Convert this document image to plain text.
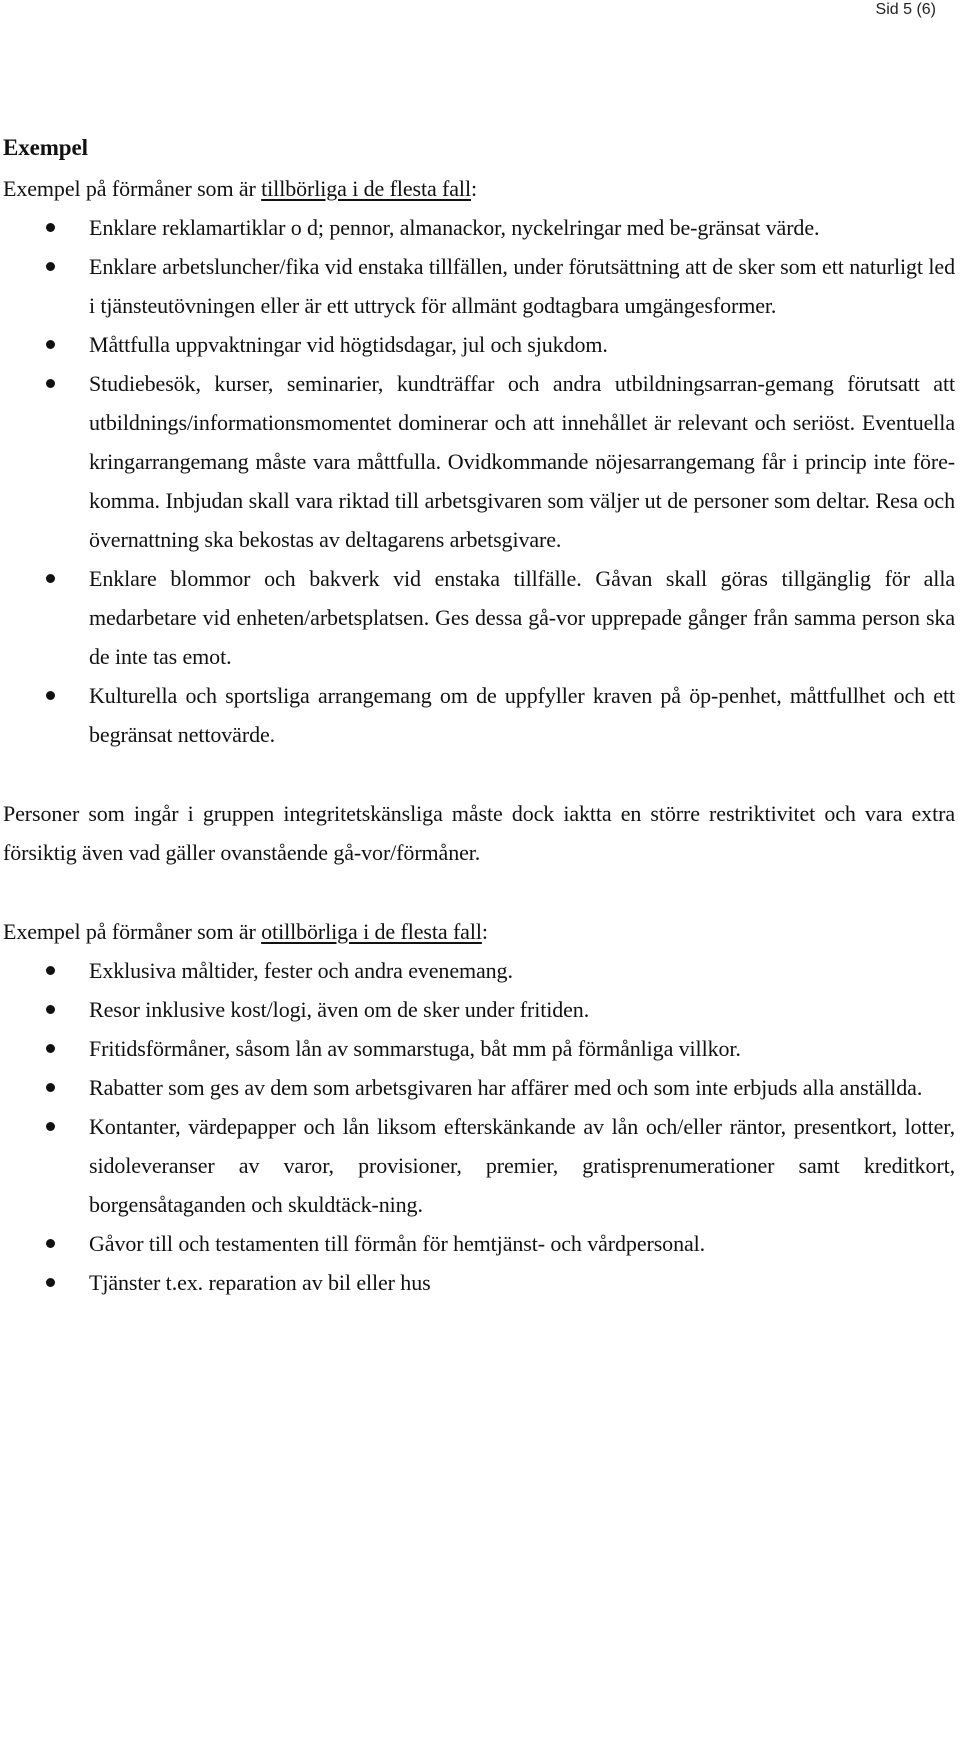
Sid 5 (6)
Exempel

Exempel på förmåner som är tillbörliga i de flesta fall:

Enklare reklamartiklar o d; pennor, almanackor, nyckelringar med be-gränsat värde.
Enklare arbetsluncher/fika vid enstaka tillfällen, under förutsättning att de sker som ett naturligt led i tjänsteutövningen eller är ett uttryck för allmänt godtagbara umgängesformer.
Måttfulla uppvaktningar vid högtidsdagar, jul och sjukdom.
Studiebesök, kurser, seminarier, kundträffar och andra utbildningsarran-gemang förutsatt att utbildnings/informationsmomentet dominerar och att innehållet är relevant och seriöst. Eventuella kringarrangemang måste vara måttfulla. Ovidkommande nöjesarrangemang får i princip inte före-komma. Inbjudan skall vara riktad till arbetsgivaren som väljer ut de personer som deltar. Resa och övernattning ska bekostas av deltagarens arbetsgivare.
Enklare blommor och bakverk vid enstaka tillfälle. Gåvan skall göras tillgänglig för alla medarbetare vid enheten/arbetsplatsen. Ges dessa gå-vor upprepade gånger från samma person ska de inte tas emot.
Kulturella och sportsliga arrangemang om de uppfyller kraven på öp-penhet, måttfullhet och ett begränsat nettovärde.

Personer som ingår i gruppen integritetskänsliga måste dock iaktta en större restriktivitet och vara extra försiktig även vad gäller ovanstående gå-vor/förmåner.

Exempel på förmåner som är otillbörliga i de flesta fall:

Exklusiva måltider, fester och andra evenemang.
Resor inklusive kost/logi, även om de sker under fritiden.
Fritidsförmåner, såsom lån av sommarstuga, båt mm på förmånliga villkor.
Rabatter som ges av dem som arbetsgivaren har affärer med och som inte erbjuds alla anställda.
Kontanter, värdepapper och lån liksom efterskänkande av lån och/eller räntor, presentkort, lotter, sidoleveranser av varor, provisioner, premier, gratisprenumerationer samt kreditkort, borgensåtaganden och skuldtäck-ning.
Gåvor till och testamenten till förmån för hemtjänst- och vårdpersonal.
Tjänster t.ex. reparation av bil eller hus
